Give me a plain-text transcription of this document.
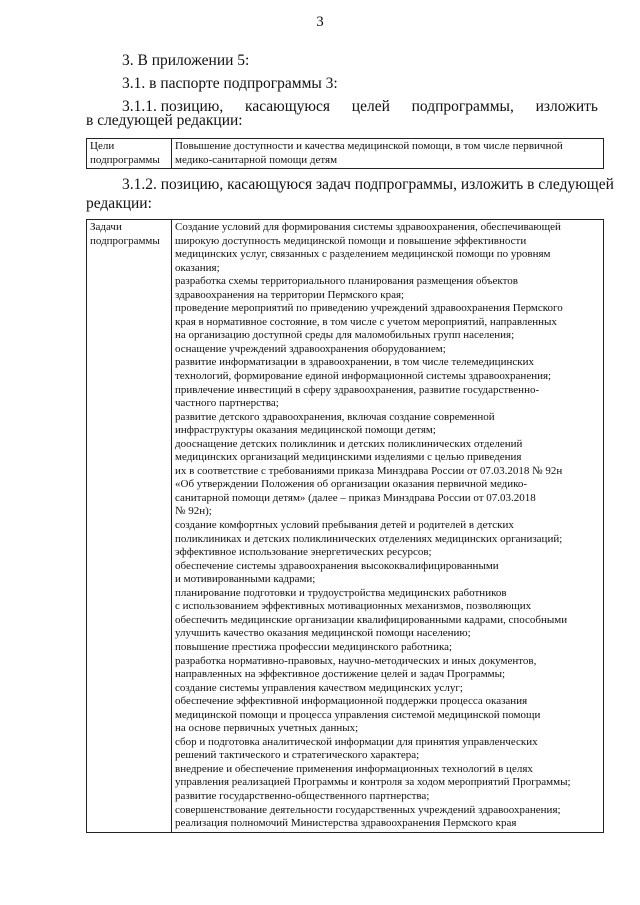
3
3. В приложении 5:
3.1. в паспорте подпрограммы 3:
3.1.1. позицию, касающуюся целей подпрограммы, изложить
в следующей редакции:
Цели
подпрограммы

Повышение доступности и качества медицинской помощи, в том числе первичной
медико-санитарной помощи детям
3.1.2. позицию, касающуюся задач подпрограммы, изложить в следующей
редакции:
Задачи
подпрограммы

Создание условий для формирования системы здравоохранения, обеспечивающей
широкую доступность медицинской помощи и повышение эффективности
медицинских услуг, связанных с разделением медицинской помощи по уровням
оказания;
разработка схемы территориального планирования размещения объектов
здравоохранения на территории Пермского края;
проведение мероприятий по приведению учреждений здравоохранения Пермского
края в нормативное состояние, в том числе с учетом мероприятий, направленных
на организацию доступной среды для маломобильных групп населения;
оснащение учреждений здравоохранения оборудованием;
развитие информатизации в здравоохранении, в том числе телемедицинских
технологий, формирование единой информационной системы здравоохранения;
привлечение инвестиций в сферу здравоохранения, развитие государственно-
частного партнерства;
развитие детского здравоохранения, включая создание современной
инфраструктуры оказания медицинской помощи детям;
дооснащение детских поликлиник и детских поликлинических отделений
медицинских организаций медицинскими изделиями с целью приведения
их в соответствие с требованиями приказа Минздрава России от 07.03.2018 № 92н
«Об утверждении Положения об организации оказания первичной медико-
санитарной помощи детям» (далее – приказ Минздрава России от 07.03.2018
№ 92н);
создание комфортных условий пребывания детей и родителей в детских
поликлиниках и детских поликлинических отделениях медицинских организаций;
эффективное использование энергетических ресурсов;
обеспечение системы здравоохранения высококвалифицированными
и мотивированными кадрами;
планирование подготовки и трудоустройства медицинских работников
с использованием эффективных мотивационных механизмов, позволяющих
обеспечить медицинские организации квалифицированными кадрами, способными
улучшить качество оказания медицинской помощи населению;
повышение престижа профессии медицинского работника;
разработка нормативно-правовых, научно-методических и иных документов,
направленных на эффективное достижение целей и задач Программы;
создание системы управления качеством медицинских услуг;
обеспечение эффективной информационной поддержки процесса оказания
медицинской помощи и процесса управления системой медицинской помощи
на основе первичных учетных данных;
сбор и подготовка аналитической информации для принятия управленческих
решений тактического и стратегического характера;
внедрение и обеспечение применения информационных технологий в целях
управления реализацией Программы и контроля за ходом мероприятий Программы;
развитие государственно-общественного партнерства;
совершенствование деятельности государственных учреждений здравоохранения;
реализация полномочий Министерства здравоохранения Пермского края
